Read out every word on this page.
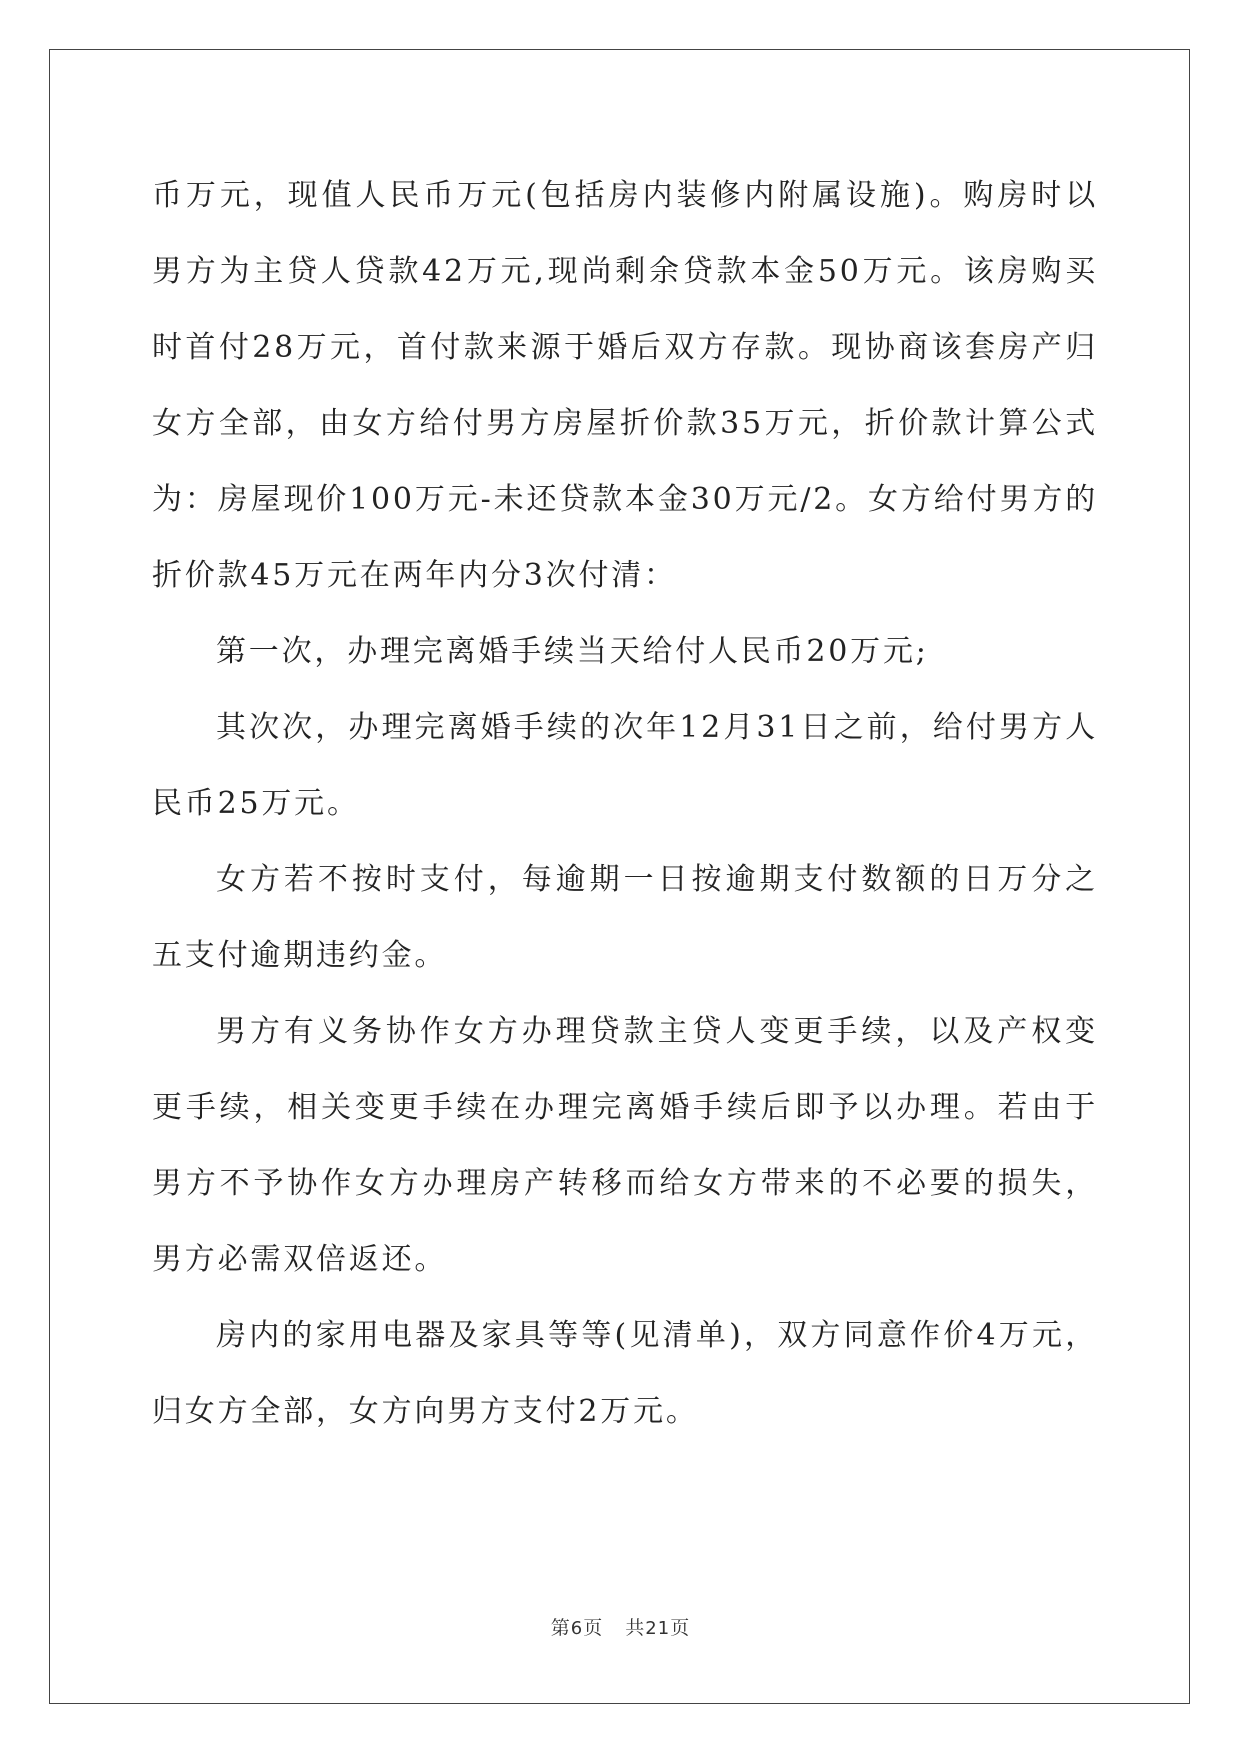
币万元，现值人民币万元(包括房内装修内附属设施)。购房时以男方为主贷人贷款42万元,现尚剩余贷款本金50万元。该房购买时首付28万元，首付款来源于婚后双方存款。现协商该套房产归女方全部，由女方给付男方房屋折价款35万元，折价款计算公式为：房屋现价100万元-未还贷款本金30万元/2。女方给付男方的折价款45万元在两年内分3次付清：

第一次，办理完离婚手续当天给付人民币20万元;

其次次，办理完离婚手续的次年12月31日之前，给付男方人民币25万元。

女方若不按时支付，每逾期一日按逾期支付数额的日万分之五支付逾期违约金。

男方有义务协作女方办理贷款主贷人变更手续，以及产权变更手续，相关变更手续在办理完离婚手续后即予以办理。若由于男方不予协作女方办理房产转移而给女方带来的不必要的损失，男方必需双倍返还。

房内的家用电器及家具等等(见清单)，双方同意作价4万元，归女方全部，女方向男方支付2万元。

第6页 共21页
